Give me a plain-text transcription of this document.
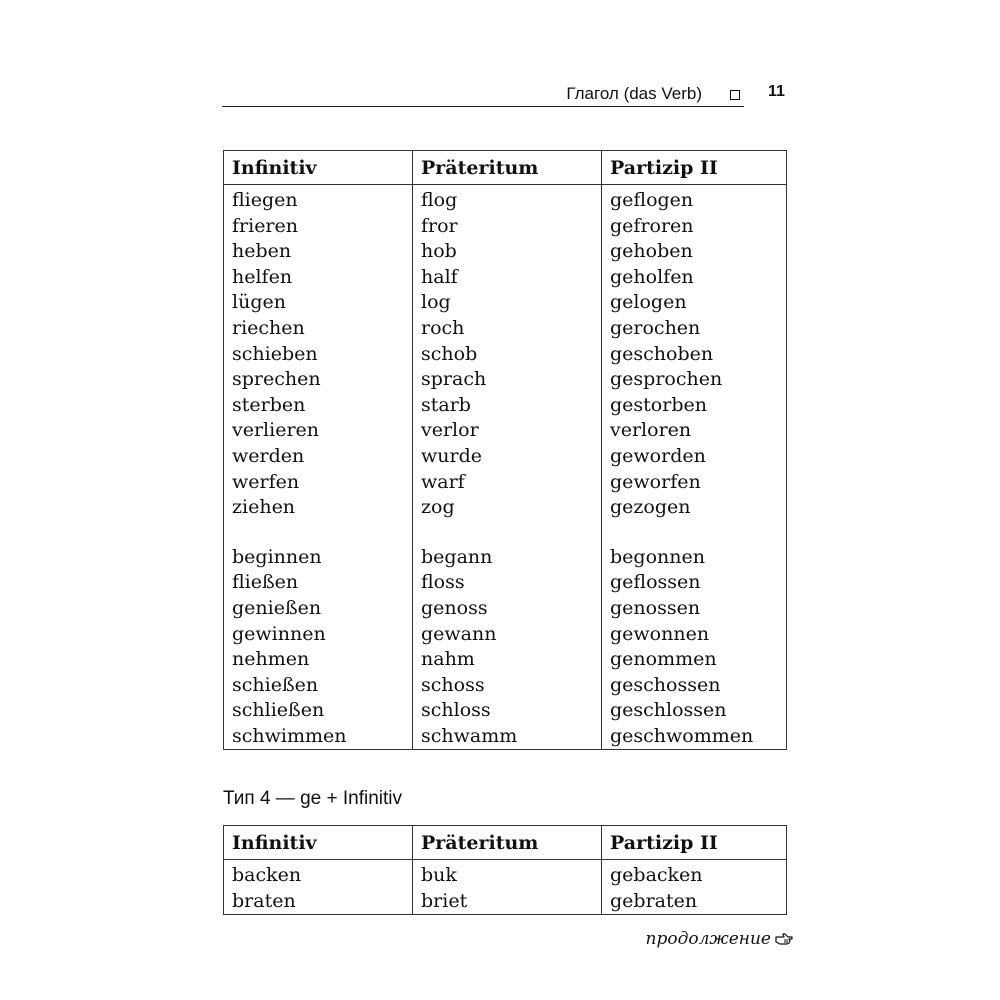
Глагол (das Verb)	11
Infinitiv	Präteritum	Partizip II
fliegen	flog	geflogen
frieren	fror	gefroren
heben	hob	gehoben
helfen	half	geholfen
lügen	log	gelogen
riechen	roch	gerochen
schieben	schob	geschoben
sprechen	sprach	gesprochen
sterben	starb	gestorben
verlieren	verlor	verloren
werden	wurde	geworden
werfen	warf	geworfen
ziehen	zog	gezogen

beginnen	begann	begonnen
fließen	floss	geflossen
genießen	genoss	genossen
gewinnen	gewann	gewonnen
nehmen	nahm	genommen
schießen	schoss	geschossen
schließen	schloss	geschlossen
schwimmen	schwamm	geschwommen
Тип 4 — ge + Infinitiv
Infinitiv	Präteritum	Partizip II
backen	buk	gebacken
braten	briet	gebraten
продолжение
